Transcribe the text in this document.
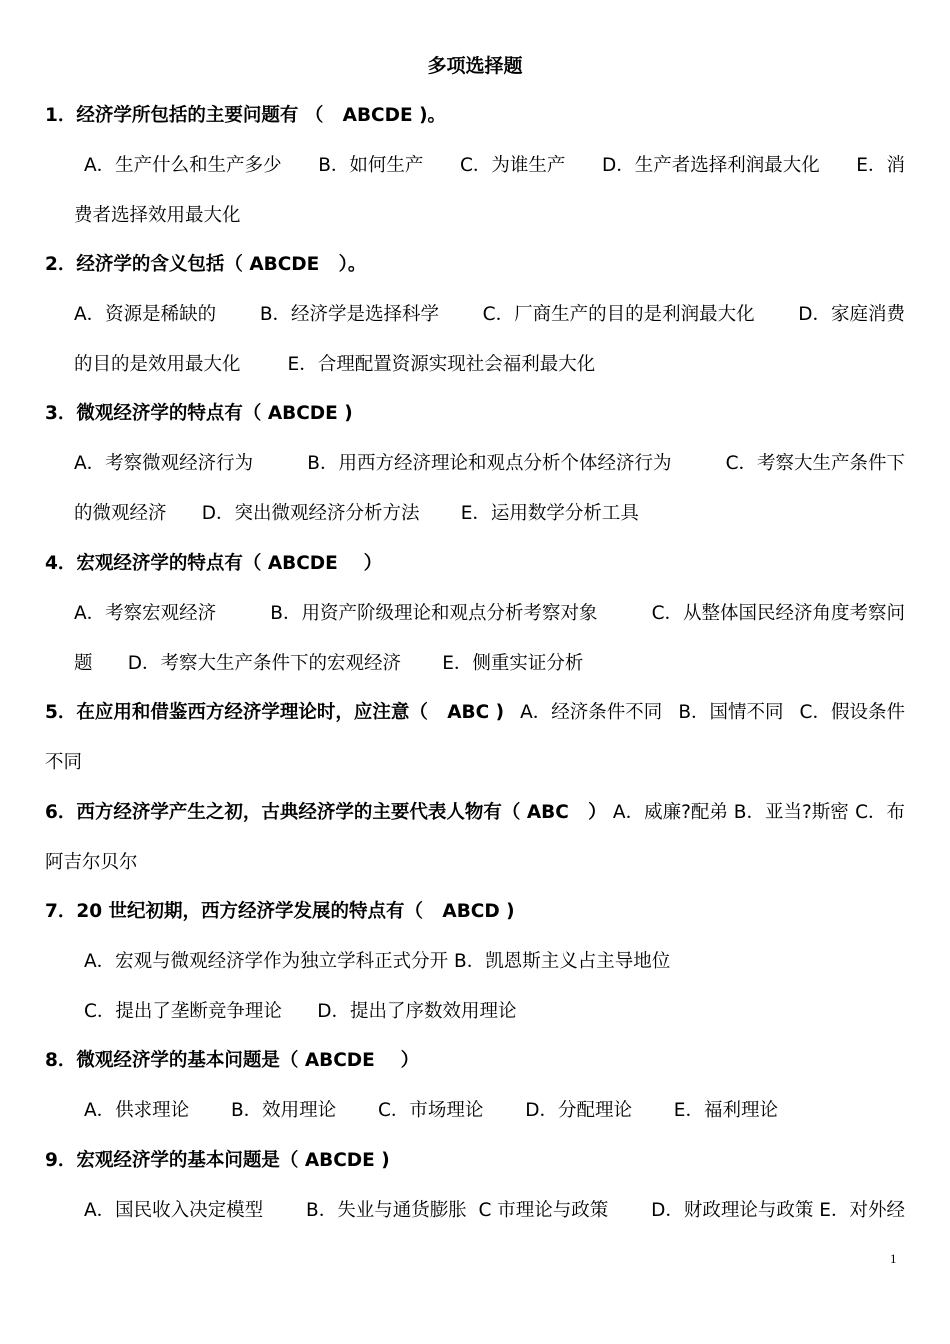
多项选择题
1．经济学所包括的主要问题有 （   ABCDE )。
A．生产什么和生产多少 B．如何生产 C．为谁生产 D．生产者选择利润最大化 E．消
费者选择效用最大化
2．经济学的含义包括（ ABCDE   ）。
A．资源是稀缺的 B．经济学是选择科学 C．厂商生产的目的是利润最大化 D．家庭消费
的目的是效用最大化        E．合理配置资源实现社会福利最大化
3．微观经济学的特点有（ ABCDE )
A．考察微观经济行为	B．用西方经济理论和观点分析个体经济行为	C．考察大生产条件下
的微观经济      D．突出微观经济分析方法       E．运用数学分析工具
4．宏观经济学的特点有（ ABCDE    ）
A．考察宏观经济	B．用资产阶级理论和观点分析考察对象	C．从整体国民经济角度考察问
题      D．考察大生产条件下的宏观经济       E．侧重实证分析
5．在应用和借鉴西方经济学理论时，应注意（   ABC ) A．经济条件不同 B．国情不同 C．假设条件
不同
6．西方经济学产生之初，古典经济学的主要代表人物有（ ABC   ） A．威廉?配弟 B．亚当?斯密 C．布
阿吉尔贝尔
7．20 世纪初期，西方经济学发展的特点有（   ABCD )
A．宏观与微观经济学作为独立学科正式分开 B．凯恩斯主义占主导地位
C．提出了垄断竞争理论      D．提出了序数效用理论
8．微观经济学的基本问题是（ ABCDE    ）
A．供求理论 B．效用理论 C．市场理论 D．分配理论 E．福利理论
9．宏观经济学的基本问题是（ ABCDE )
A．国民收入决定模型 B．失业与通货膨胀  C 市理论与政策 D．财政理论与政策 E．对外经
1
